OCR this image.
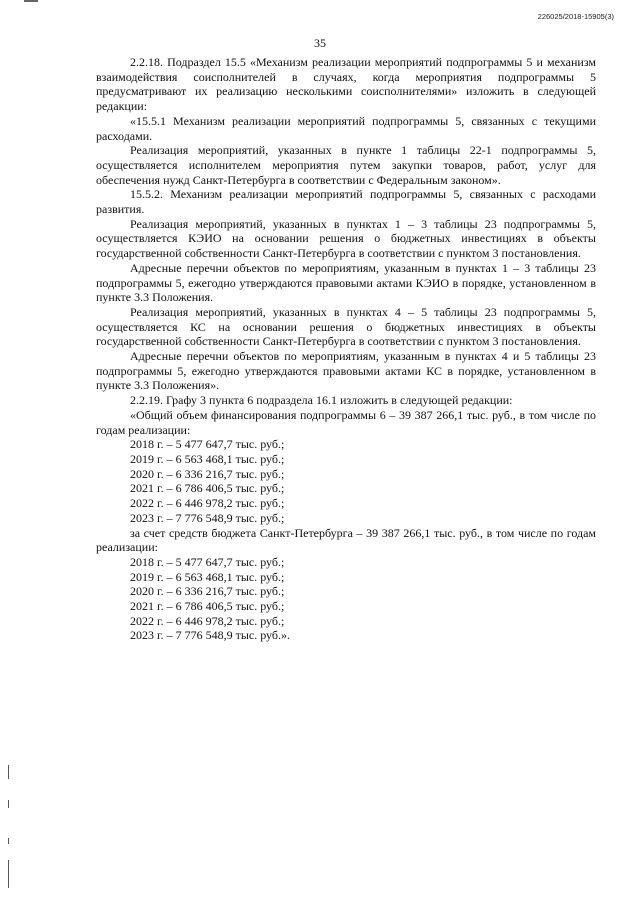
226025/2018-15905(3)
35

2.2.18. Подраздел 15.5 «Механизм реализации мероприятий подпрограммы 5 и механизм взаимодействия соисполнителей в случаях, когда мероприятия подпрограммы 5 предусматривают их реализацию несколькими соисполнителями» изложить в следующей редакции:

«15.5.1 Механизм реализации мероприятий подпрограммы 5, связанных с текущими расходами.

Реализация мероприятий, указанных в пункте 1 таблицы 22-1 подпрограммы 5, осуществляется исполнителем мероприятия путем закупки товаров, работ, услуг для обеспечения нужд Санкт-Петербурга в соответствии с Федеральным законом».

15.5.2. Механизм реализации мероприятий подпрограммы 5, связанных с расходами развития.

Реализация мероприятий, указанных в пунктах 1 – 3 таблицы 23 подпрограммы 5, осуществляется КЭИО на основании решения о бюджетных инвестициях в объекты государственной собственности Санкт-Петербурга в соответствии с пунктом 3 постановления.

Адресные перечни объектов по мероприятиям, указанным в пунктах 1 – 3 таблицы 23 подпрограммы 5, ежегодно утверждаются правовыми актами КЭИО в порядке, установленном в пункте 3.3 Положения.

Реализация мероприятий, указанных в пунктах 4 – 5 таблицы 23 подпрограммы 5, осуществляется КС на основании решения о бюджетных инвестициях в объекты государственной собственности Санкт-Петербурга в соответствии с пунктом 3 постановления.

Адресные перечни объектов по мероприятиям, указанным в пунктах 4 и 5 таблицы 23 подпрограммы 5, ежегодно утверждаются правовыми актами КС в порядке, установленном в пункте 3.3 Положения».

2.2.19. Графу 3 пункта 6 подраздела 16.1 изложить в следующей редакции:

«Общий объем финансирования подпрограммы 6 – 39 387 266,1 тыс. руб., в том числе по годам реализации:

2018 г. – 5 477 647,7 тыс. руб.;

2019 г. – 6 563 468,1 тыс. руб.;

2020 г. – 6 336 216,7 тыс. руб.;

2021 г. – 6 786 406,5 тыс. руб.;

2022 г. – 6 446 978,2 тыс. руб.;

2023 г. – 7 776 548,9 тыс. руб.;

за счет средств бюджета Санкт-Петербурга – 39 387 266,1 тыс. руб., в том числе по годам реализации:

2018 г. – 5 477 647,7 тыс. руб.;

2019 г. – 6 563 468,1 тыс. руб.;

2020 г. – 6 336 216,7 тыс. руб.;

2021 г. – 6 786 406,5 тыс. руб.;

2022 г. – 6 446 978,2 тыс. руб.;

2023 г. – 7 776 548,9 тыс. руб.».
